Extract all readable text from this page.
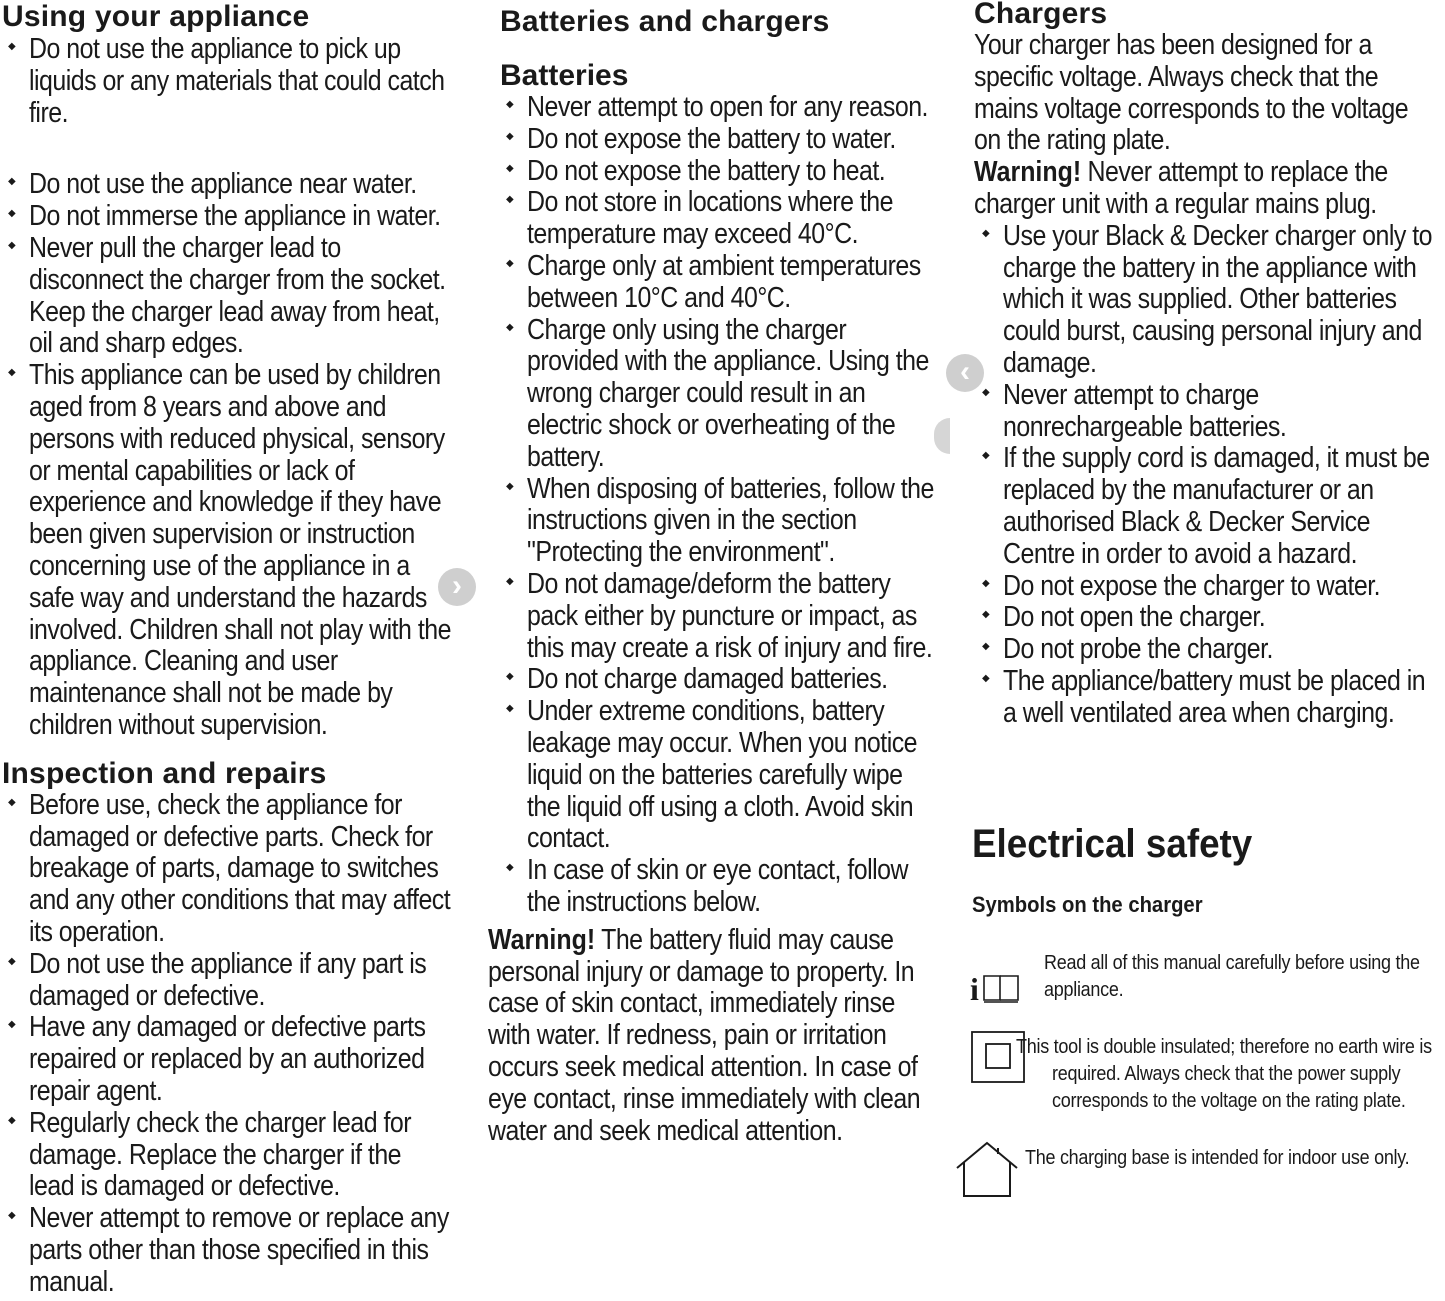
Using your appliance
◆ Do not use the appliance to pick up liquids or any materials that could catch fire.
◆ Do not use the appliance near water.
◆ Do not immerse the appliance in water.
◆ Never pull the charger lead to disconnect the charger from the socket. Keep the charger lead away from heat, oil and sharp edges.
◆ This appliance can be used by children aged from 8 years and above and persons with reduced physical, sensory or mental capabilities or lack of experience and knowledge if they have been given supervision or instruction concerning use of the appliance in a safe way and understand the hazards involved. Children shall not play with the appliance. Cleaning and user maintenance shall not be made by children without supervision.
Inspection and repairs
◆ Before use, check the appliance for damaged or defective parts. Check for breakage of parts, damage to switches and any other conditions that may affect its operation.
◆ Do not use the appliance if any part is damaged or defective.
◆ Have any damaged or defective parts repaired or replaced by an authorized repair agent.
◆ Regularly check the charger lead for damage. Replace the charger if the lead is damaged or defective.
◆ Never attempt to remove or replace any parts other than those specified in this manual.
Batteries and chargers
Batteries
◆ Never attempt to open for any reason.
◆ Do not expose the battery to water.
◆ Do not expose the battery to heat.
◆ Do not store in locations where the temperature may exceed 40°C.
◆ Charge only at ambient temperatures between 10°C and 40°C.
◆ Charge only using the charger provided with the appliance. Using the wrong charger could result in an electric shock or overheating of the battery.
◆ When disposing of batteries, follow the instructions given in the section "Protecting the environment".
◆ Do not damage/deform the battery pack either by puncture or impact, as this may create a risk of injury and fire.
◆ Do not charge damaged batteries.
◆ Under extreme conditions, battery leakage may occur. When you notice liquid on the batteries carefully wipe the liquid off using a cloth. Avoid skin contact.
◆ In case of skin or eye contact, follow the instructions below.

Warning! The battery fluid may cause personal injury or damage to property. In case of skin contact, immediately rinse with water. If redness, pain or irritation occurs seek medical attention. In case of eye contact, rinse immediately with clean water and seek medical attention.

Chargers

Your charger has been designed for a specific voltage. Always check that the mains voltage corresponds to the voltage on the rating plate.

Warning! Never attempt to replace the charger unit with a regular mains plug.

◆ Use your Black & Decker charger only to charge the battery in the appliance with which it was supplied. Other batteries could burst, causing personal injury and damage.
◆ Never attempt to charge nonrechargeable batteries.
◆ If the supply cord is damaged, it must be replaced by the manufacturer or an authorised Black & Decker Service Centre in order to avoid a hazard.
◆ Do not expose the charger to water.
◆ Do not open the charger.
◆ Do not probe the charger.
◆ The appliance/battery must be placed in a well ventilated area when charging.
Electrical safety
Symbols on the charger
i
Read all of this manual carefully before using the appliance.
This tool is double insulated; therefore no earth wire is required. Always check that the power supply corresponds to the voltage on the rating plate.
The charging base is intended for indoor use only.
›
‹
